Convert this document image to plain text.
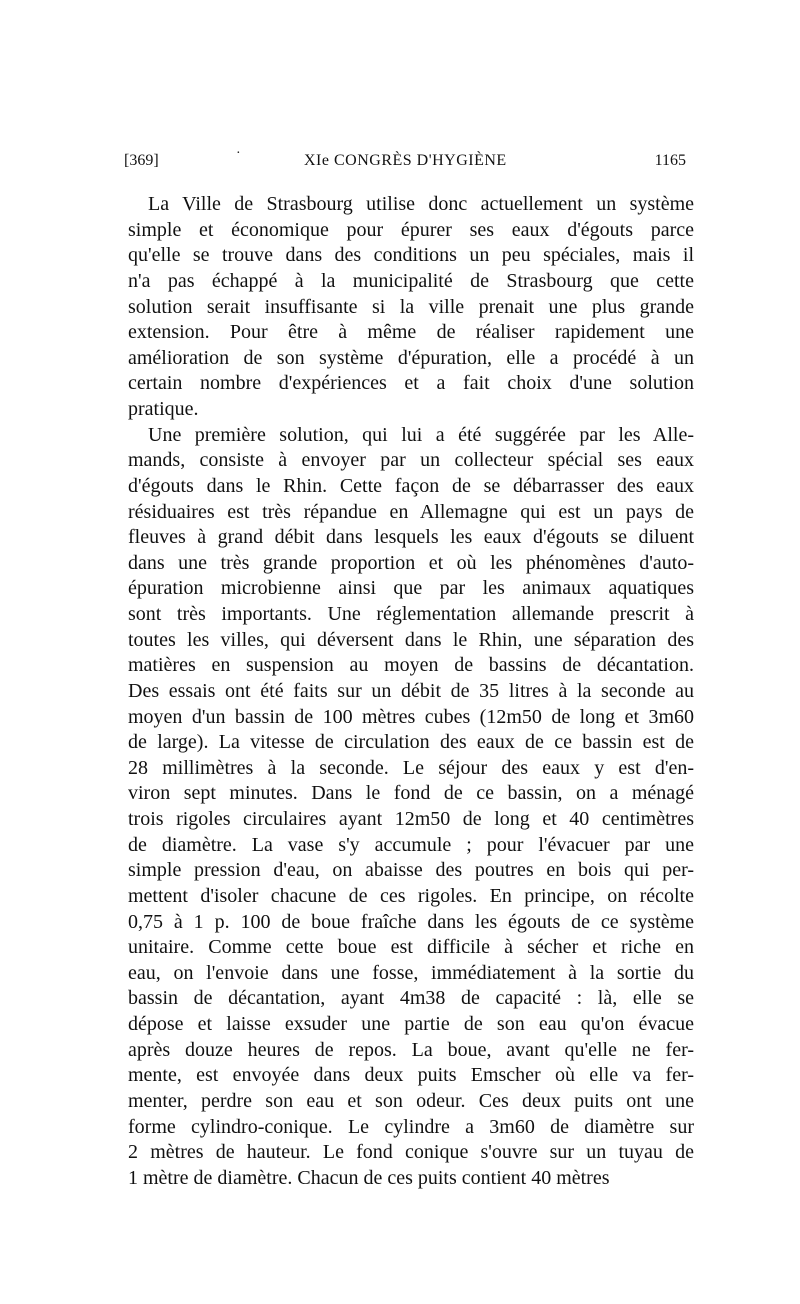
[369]	·	XIe CONGRÈS D'HYGIÈNE	1165
La Ville de Strasbourg utilise donc actuellement un système
simple et économique pour épurer ses eaux d'égouts parce
qu'elle se trouve dans des conditions un peu spéciales, mais il
n'a pas échappé à la municipalité de Strasbourg que cette
solution serait insuffisante si la ville prenait une plus grande
extension. Pour être à même de réaliser rapidement une
amélioration de son système d'épuration, elle a procédé à un
certain nombre d'expériences et a fait choix d'une solution
pratique.
Une première solution, qui lui a été suggérée par les Alle-
mands, consiste à envoyer par un collecteur spécial ses eaux
d'égouts dans le Rhin. Cette façon de se débarrasser des eaux
résiduaires est très répandue en Allemagne qui est un pays de
fleuves à grand débit dans lesquels les eaux d'égouts se diluent
dans une très grande proportion et où les phénomènes d'auto-
épuration microbienne ainsi que par les animaux aquatiques
sont très importants. Une réglementation allemande prescrit à
toutes les villes, qui déversent dans le Rhin, une séparation des
matières en suspension au moyen de bassins de décantation.
Des essais ont été faits sur un débit de 35 litres à la seconde au
moyen d'un bassin de 100 mètres cubes (12m50 de long et 3m60
de large). La vitesse de circulation des eaux de ce bassin est de
28 millimètres à la seconde. Le séjour des eaux y est d'en-
viron sept minutes. Dans le fond de ce bassin, on a ménagé
trois rigoles circulaires ayant 12m50 de long et 40 centimètres
de diamètre. La vase s'y accumule ; pour l'évacuer par une
simple pression d'eau, on abaisse des poutres en bois qui per-
mettent d'isoler chacune de ces rigoles. En principe, on récolte
0,75 à 1 p. 100 de boue fraîche dans les égouts de ce système
unitaire. Comme cette boue est difficile à sécher et riche en
eau, on l'envoie dans une fosse, immédiatement à la sortie du
bassin de décantation, ayant 4m38 de capacité : là, elle se
dépose et laisse exsuder une partie de son eau qu'on évacue
après douze heures de repos. La boue, avant qu'elle ne fer-
mente, est envoyée dans deux puits Emscher où elle va fer-
menter, perdre son eau et son odeur. Ces deux puits ont une
forme cylindro-conique. Le cylindre a 3m60 de diamètre sur
2 mètres de hauteur. Le fond conique s'ouvre sur un tuyau de
1 mètre de diamètre. Chacun de ces puits contient 40 mètres
